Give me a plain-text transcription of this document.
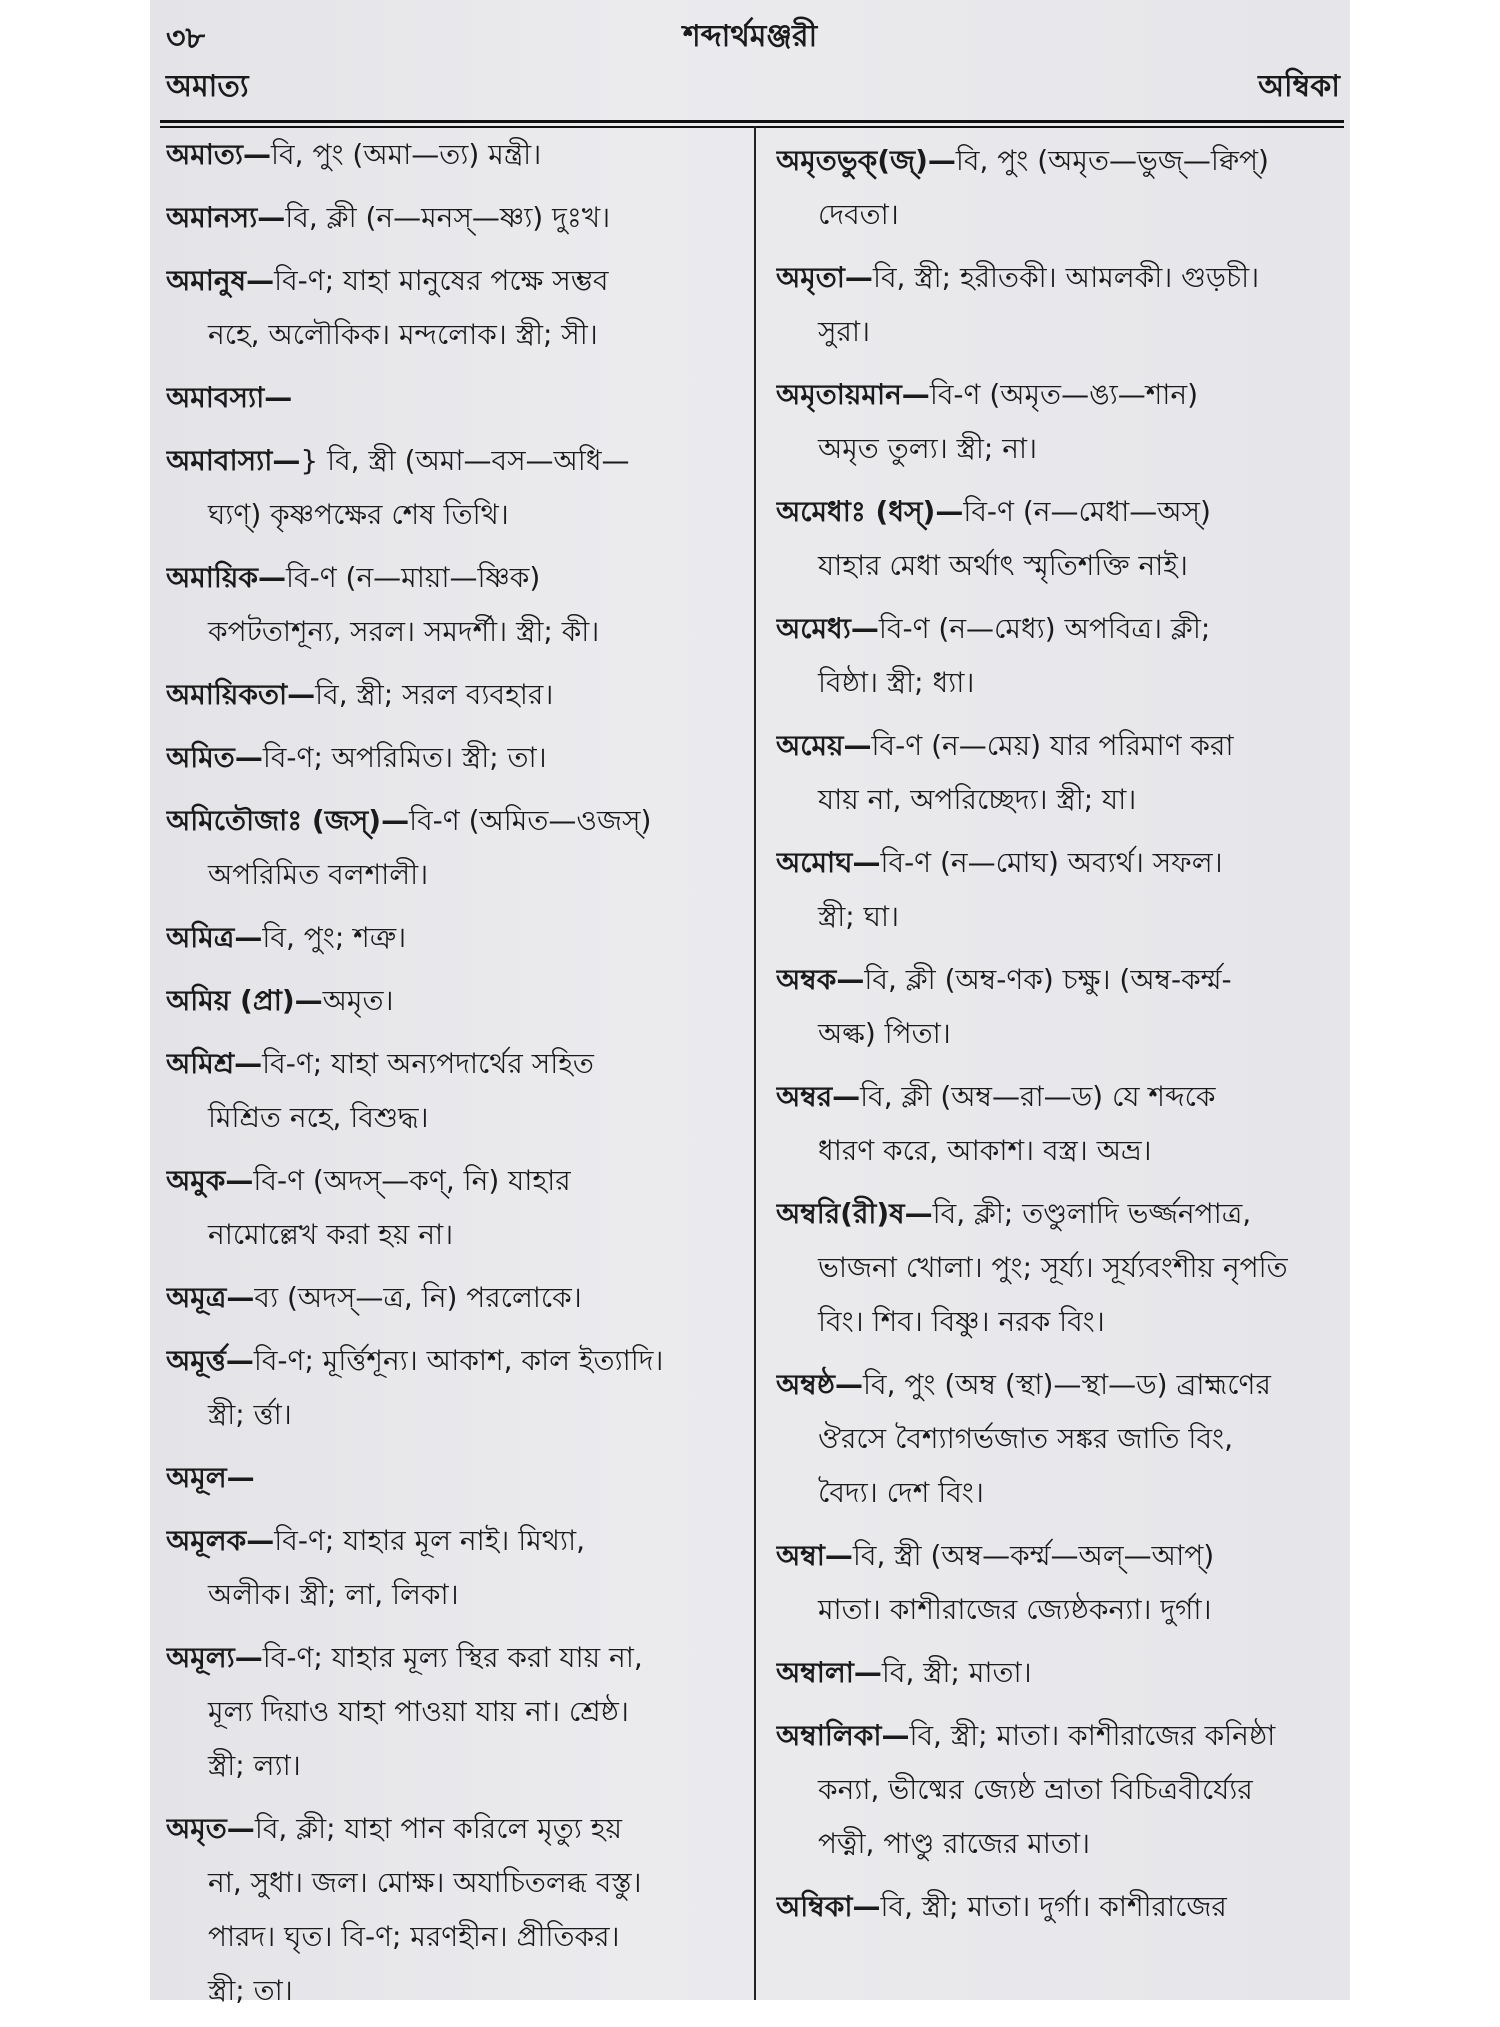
৩৮	শব্দার্থমঞ্জরী
অমাত্য	অম্বিকা
অমাত্য—বি, পুং (অমা—ত্য) মন্ত্রী।
অমানস্য—বি, ক্লী (ন—মনস্—ষ্ণ্য) দুঃখ।
অমানুষ—বি-ণ; যাহা মানুষের পক্ষে সম্ভব
নহে, অলৌকিক। মন্দলোক। স্ত্রী; সী।
অমাবস্যা—
অমাবাস্যা—} বি, স্ত্রী (অমা—বস—অধি—
ঘ্যণ্) কৃষ্ণপক্ষের শেষ তিথি।
অমায়িক—বি-ণ (ন—মায়া—ষ্ণিক)
কপটতাশূন্য, সরল। সমদর্শী। স্ত্রী; কী।
অমায়িকতা—বি, স্ত্রী; সরল ব্যবহার।
অমিত—বি-ণ; অপরিমিত। স্ত্রী; তা।
অমিতৌজাঃ (জস্)—বি-ণ (অমিত—ওজস্)
অপরিমিত বলশালী।
অমিত্র—বি, পুং; শত্রু।
অমিয় (প্রা)—অমৃত।
অমিশ্র—বি-ণ; যাহা অন্যপদার্থের সহিত
মিশ্রিত নহে, বিশুদ্ধ।
অমুক—বি-ণ (অদস্—কণ্, নি) যাহার
নামোল্লেখ করা হয় না।
অমূত্র—ব্য (অদস্—ত্র, নি) পরলোকে।
অমূর্ত্ত—বি-ণ; মূর্ত্তিশূন্য। আকাশ, কাল ইত্যাদি।
স্ত্রী; র্ত্তা।
অমূল—
অমূলক—বি-ণ; যাহার মূল নাই। মিথ্যা,
অলীক। স্ত্রী; লা, লিকা।
অমূল্য—বি-ণ; যাহার মূল্য স্থির করা যায় না,
মূল্য দিয়াও যাহা পাওয়া যায় না। শ্রেষ্ঠ।
স্ত্রী; ল্যা।
অমৃত—বি, ক্লী; যাহা পান করিলে মৃত্যু হয়
না, সুধা। জল। মোক্ষ। অযাচিতলব্ধ বস্তু।
পারদ। ঘৃত। বি-ণ; মরণহীন। প্রীতিকর।
স্ত্রী; তা।
অমৃতভুক্(জ্)—বি, পুং (অমৃত—ভুজ্—ক্বিপ্)
দেবতা।
অমৃতা—বি, স্ত্রী; হরীতকী। আমলকী। গুড়চী।
সুরা।
অমৃতায়মান—বি-ণ (অমৃত—ঙ্য—শান)
অমৃত তুল্য। স্ত্রী; না।
অমেধাঃ (ধস্)—বি-ণ (ন—মেধা—অস্)
যাহার মেধা অর্থাৎ স্মৃতিশক্তি নাই।
অমেধ্য—বি-ণ (ন—মেধ্য) অপবিত্র। ক্লী;
বিষ্ঠা। স্ত্রী; ধ্যা।
অমেয়—বি-ণ (ন—মেয়) যার পরিমাণ করা
যায় না, অপরিচ্ছেদ্য। স্ত্রী; যা।
অমোঘ—বি-ণ (ন—মোঘ) অব্যর্থ। সফল।
স্ত্রী; ঘা।
অম্বক—বি, ক্লী (অম্ব-ণক) চক্ষু। (অম্ব-কর্ম্ম-
অল্ক) পিতা।
অম্বর—বি, ক্লী (অম্ব—রা—ড) যে শব্দকে
ধারণ করে, আকাশ। বস্ত্র। অভ্র।
অম্বরি(রী)ষ—বি, ক্লী; তণ্ডুলাদি ভর্জ্জনপাত্র,
ভাজনা খোলা। পুং; সূর্য্য। সূর্য্যবংশীয় নৃপতি
বিং। শিব। বিষ্ণু। নরক বিং।
অম্বষ্ঠ—বি, পুং (অম্ব (স্থা)—স্থা—ড) ব্রাহ্মণের
ঔরসে বৈশ্যাগর্ভজাত সঙ্কর জাতি বিং,
বৈদ্য। দেশ বিং।
অম্বা—বি, স্ত্রী (অম্ব—কর্ম্ম—অল্—আপ্)
মাতা। কাশীরাজের জ্যেষ্ঠকন্যা। দুর্গা।
অম্বালা—বি, স্ত্রী; মাতা।
অম্বালিকা—বি, স্ত্রী; মাতা। কাশীরাজের কনিষ্ঠা
কন্যা, ভীষ্মের জ্যেষ্ঠ ভ্রাতা বিচিত্রবীর্য্যের
পত্নী, পাণ্ডু রাজের মাতা।
অম্বিকা—বি, স্ত্রী; মাতা। দুর্গা। কাশীরাজের
